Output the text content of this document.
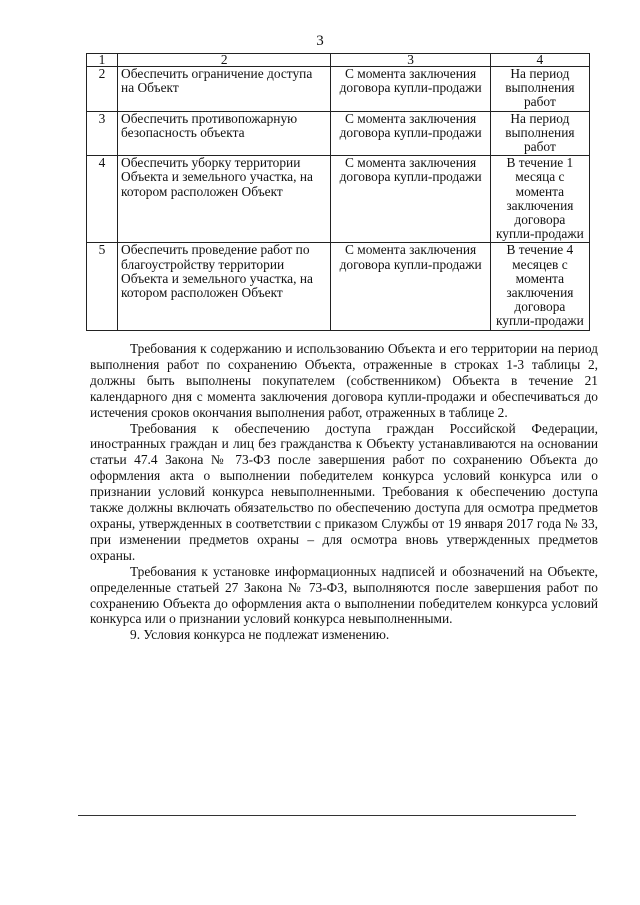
3
1	2	3	4
2	Обеспечить ограничение доступа на Объект	С момента заключения договора купли-продажи	На период выполнения работ
3	Обеспечить противопожарную безопасность объекта	С момента заключения договора купли-продажи	На период выполнения работ
4	Обеспечить уборку территории Объекта и земельного участка, на котором расположен Объект	С момента заключения договора купли-продажи	В течение 1 месяца с момента заключения договора купли-продажи
5	Обеспечить проведение работ по благоустройству территории Объекта и земельного участка, на котором расположен Объект	С момента заключения договора купли-продажи	В течение 4 месяцев с момента заключения договора купли-продажи

Требования к содержанию и использованию Объекта и его территории на период выполнения работ по сохранению Объекта, отраженные в строках 1-3 таблицы 2, должны быть выполнены покупателем (собственником) Объекта в течение 21 календарного дня с момента заключения договора купли-продажи и обеспечиваться до истечения сроков окончания выполнения работ, отраженных в таблице 2.

Требования к обеспечению доступа граждан Российской Федерации, иностранных граждан и лиц без гражданства к Объекту устанавливаются на основании статьи 47.4 Закона № 73-ФЗ после завершения работ по сохранению Объекта до оформления акта о выполнении победителем конкурса условий конкурса или о признании условий конкурса невыполненными. Требования к обеспечению доступа также должны включать обязательство по обеспечению доступа для осмотра предметов охраны, утвержденных в соответствии с приказом Службы от 19 января 2017 года № 33, при изменении предметов охраны – для осмотра вновь утвержденных предметов охраны.

Требования к установке информационных надписей и обозначений на Объекте, определенные статьей 27 Закона № 73-ФЗ, выполняются после завершения работ по сохранению Объекта до оформления акта о выполнении победителем конкурса условий конкурса или о признании условий конкурса невыполненными.

9. Условия конкурса не подлежат изменению.
